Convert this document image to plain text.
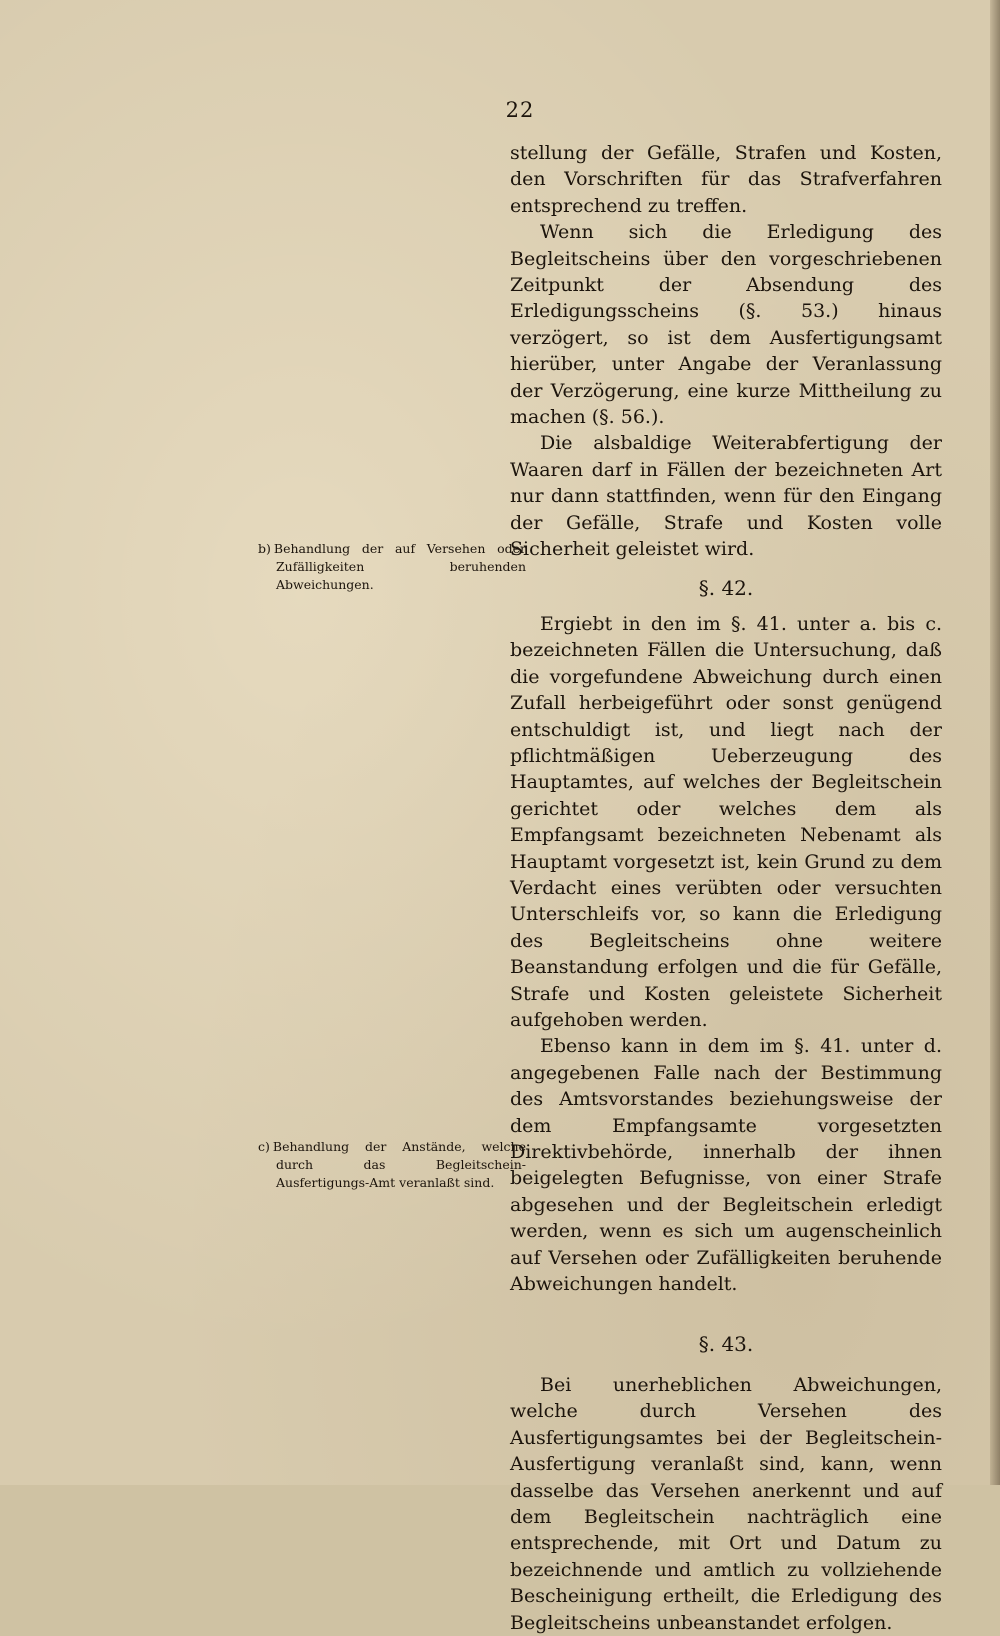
22

stellung der Gefälle, Strafen und Kosten, den Vorschriften für das Strafverfahren entsprechend zu treffen.

Wenn sich die Erledigung des Begleitscheins über den vorgeschriebenen Zeitpunkt der Absendung des Erledigungsscheins (§. 53.) hinaus verzögert, so ist dem Ausfertigungsamt hierüber, unter Angabe der Veranlassung der Verzögerung, eine kurze Mittheilung zu machen (§. 56.).

Die alsbaldige Weiterabfertigung der Waaren darf in Fällen der bezeichneten Art nur dann stattfinden, wenn für den Eingang der Gefälle, Strafe und Kosten volle Sicherheit geleistet wird.

§. 42.

Ergiebt in den im §. 41. unter a. bis c. bezeichneten Fällen die Untersuchung, daß die vorgefundene Abweichung durch einen Zufall herbeigeführt oder sonst genügend entschuldigt ist, und liegt nach der pflichtmäßigen Ueberzeugung des Hauptamtes, auf welches der Begleitschein gerichtet oder welches dem als Empfangsamt bezeichneten Nebenamt als Hauptamt vorgesetzt ist, kein Grund zu dem Verdacht eines verübten oder versuchten Unterschleifs vor, so kann die Erledigung des Begleitscheins ohne weitere Beanstandung erfolgen und die für Gefälle, Strafe und Kosten geleistete Sicherheit aufgehoben werden.

Ebenso kann in dem im §. 41. unter d. angegebenen Falle nach der Bestimmung des Amtsvorstandes beziehungsweise der dem Empfangsamte vorgesetzten Direktivbehörde, innerhalb der ihnen beigelegten Befugnisse, von einer Strafe abgesehen und der Begleitschein erledigt werden, wenn es sich um augenscheinlich auf Versehen oder Zufälligkeiten beruhende Abweichungen handelt.

§. 43.

Bei unerheblichen Abweichungen, welche durch Versehen des Ausfertigungsamtes bei der Begleitschein-Ausfertigung veranlaßt sind, kann, wenn dasselbe das Versehen anerkennt und auf dem Begleitschein nachträglich eine entsprechende, mit Ort und Datum zu bezeichnende und amtlich zu vollziehende Bescheinigung ertheilt, die Erledigung des Begleitscheins unbeanstandet erfolgen.

b) Behandlung der auf Versehen oder Zufälligkeiten beruhenden Abweichungen.
c) Behandlung der Anstände, welche durch das Begleitschein-Ausfertigungs-Amt veranlaßt sind.
